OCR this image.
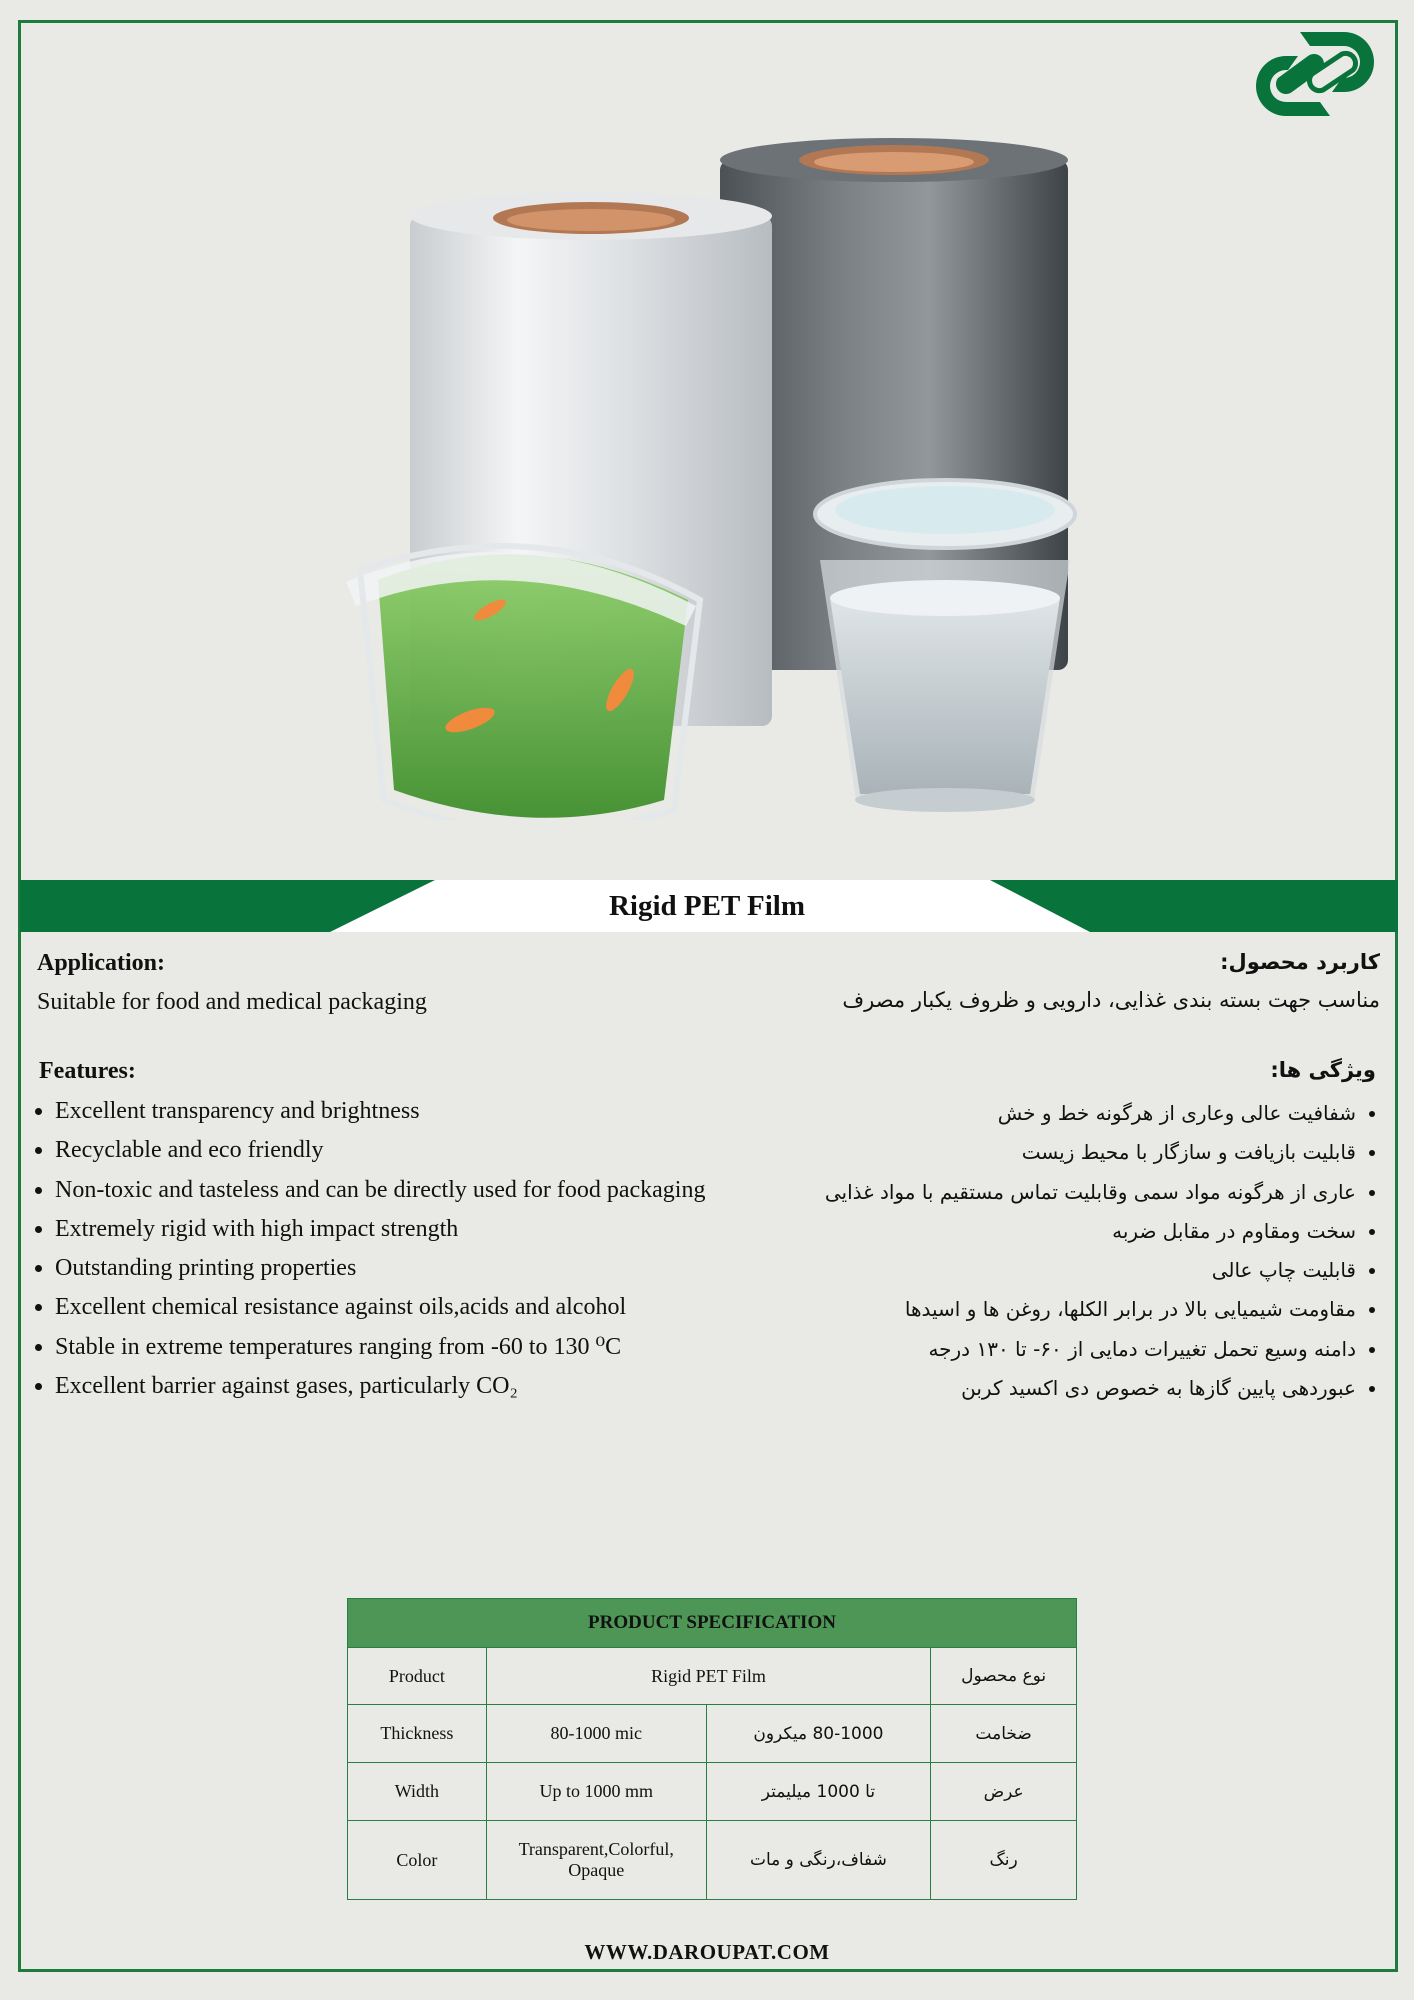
Rigid PET Film
Application:
Suitable for food and medical packaging
کاربرد محصول:
مناسب جهت بسته بندی غذایی، دارویی و ظروف یکبار مصرف
Features:	ویژگی ها:
• Excellent transparency and brightness
• Recyclable and eco friendly
• Non-toxic and tasteless and can be directly used for food packaging
• Extremely rigid with high impact strength
• Outstanding printing properties
• Excellent chemical resistance against oils,acids and alcohol
• Stable in extreme temperatures ranging from -60 to 130 ⁰C
• Excellent barrier against gases, particularly CO₂
• شفافیت عالی وعاری از هرگونه خط و خش
• قابلیت بازیافت و سازگار با محیط زیست
• عاری از هرگونه مواد سمی وقابلیت تماس مستقیم با مواد غذایی
• سخت ومقاوم در مقابل ضربه
• قابلیت چاپ عالی
• مقاومت شیمیایی بالا در برابر الکلها، روغن ها و اسیدها
• دامنه وسیع تحمل تغییرات دمایی از ۶۰- تا ۱۳۰ درجه
• عبوردهی پایین گازها به خصوص دی اکسید کربن
PRODUCT SPECIFICATION			
Product	Rigid PET Film		نوع محصول
Thickness	80-1000 mic	80-1000 میکرون	ضخامت
Width	Up to 1000 mm	تا 1000 میلیمتر	عرض
Color	Transparent,Colorful,
Opaque	شفاف،رنگی و مات	رنگ
WWW.DAROUPAT.COM
